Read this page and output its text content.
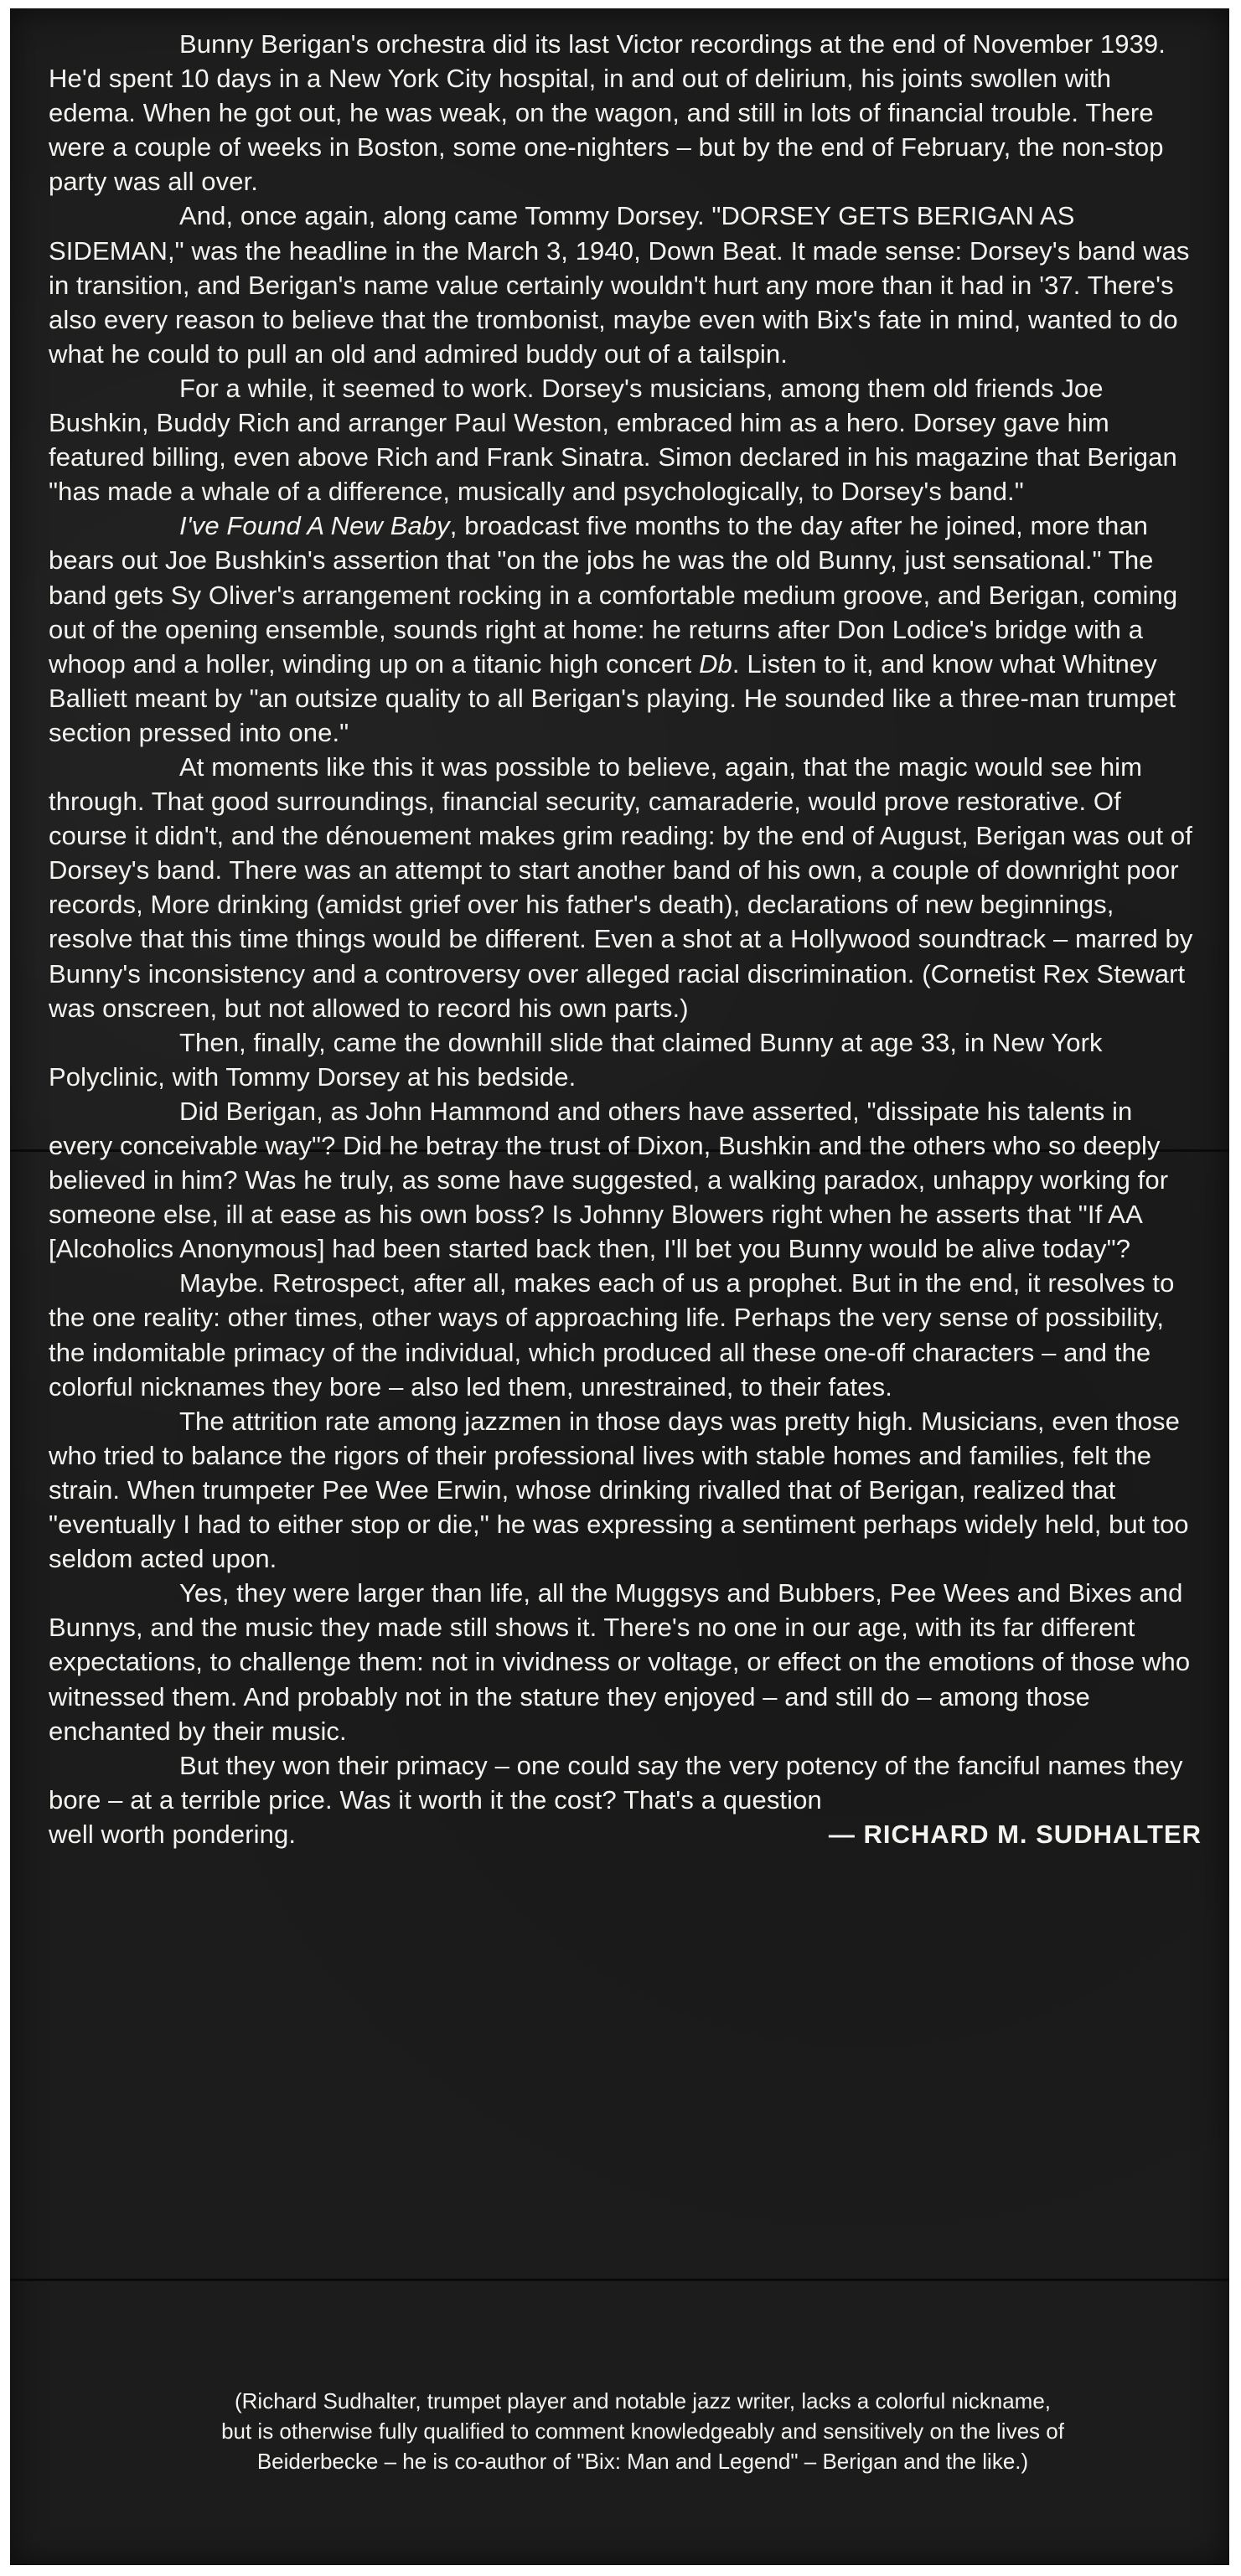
Bunny Berigan's orchestra did its last Victor recordings at the end of November 1939. He'd spent 10 days in a New York City hospital, in and out of delirium, his joints swollen with edema. When he got out, he was weak, on the wagon, and still in lots of financial trouble. There were a couple of weeks in Boston, some one-nighters – but by the end of February, the non-stop party was all over.

And, once again, along came Tommy Dorsey. "DORSEY GETS BERIGAN AS SIDEMAN," was the headline in the March 3, 1940, Down Beat. It made sense: Dorsey's band was in transition, and Berigan's name value certainly wouldn't hurt any more than it had in '37. There's also every reason to believe that the trombonist, maybe even with Bix's fate in mind, wanted to do what he could to pull an old and admired buddy out of a tailspin.

For a while, it seemed to work. Dorsey's musicians, among them old friends Joe Bushkin, Buddy Rich and arranger Paul Weston, embraced him as a hero. Dorsey gave him featured billing, even above Rich and Frank Sinatra. Simon declared in his magazine that Berigan "has made a whale of a difference, musically and psychologically, to Dorsey's band."

I've Found A New Baby, broadcast five months to the day after he joined, more than bears out Joe Bushkin's assertion that "on the jobs he was the old Bunny, just sensational." The band gets Sy Oliver's arrangement rocking in a comfortable medium groove, and Berigan, coming out of the opening ensemble, sounds right at home: he returns after Don Lodice's bridge with a whoop and a holler, winding up on a titanic high concert Db. Listen to it, and know what Whitney Balliett meant by "an outsize quality to all Berigan's playing. He sounded like a three-man trumpet section pressed into one."

At moments like this it was possible to believe, again, that the magic would see him through. That good surroundings, financial security, camaraderie, would prove restorative. Of course it didn't, and the dénouement makes grim reading: by the end of August, Berigan was out of Dorsey's band. There was an attempt to start another band of his own, a couple of downright poor records, More drinking (amidst grief over his father's death), declarations of new beginnings, resolve that this time things would be different. Even a shot at a Hollywood soundtrack – marred by Bunny's inconsistency and a controversy over alleged racial discrimination. (Cornetist Rex Stewart was onscreen, but not allowed to record his own parts.)

Then, finally, came the downhill slide that claimed Bunny at age 33, in New York Polyclinic, with Tommy Dorsey at his bedside.

Did Berigan, as John Hammond and others have asserted, "dissipate his talents in every conceivable way"? Did he betray the trust of Dixon, Bushkin and the others who so deeply believed in him? Was he truly, as some have suggested, a walking paradox, unhappy working for someone else, ill at ease as his own boss? Is Johnny Blowers right when he asserts that "If AA [Alcoholics Anonymous] had been started back then, I'll bet you Bunny would be alive today"?

Maybe. Retrospect, after all, makes each of us a prophet. But in the end, it resolves to the one reality: other times, other ways of approaching life. Perhaps the very sense of possibility, the indomitable primacy of the individual, which produced all these one-off characters – and the colorful nicknames they bore – also led them, unrestrained, to their fates.

The attrition rate among jazzmen in those days was pretty high. Musicians, even those who tried to balance the rigors of their professional lives with stable homes and families, felt the strain. When trumpeter Pee Wee Erwin, whose drinking rivalled that of Berigan, realized that "eventually I had to either stop or die," he was expressing a sentiment perhaps widely held, but too seldom acted upon.

Yes, they were larger than life, all the Muggsys and Bubbers, Pee Wees and Bixes and Bunnys, and the music they made still shows it. There's no one in our age, with its far different expectations, to challenge them: not in vividness or voltage, or effect on the emotions of those who witnessed them. And probably not in the stature they enjoyed – and still do – among those enchanted by their music.

But they won their primacy – one could say the very potency of the fanciful names they bore – at a terrible price. Was it worth it the cost? That's a question

well worth pondering.	— RICHARD M. SUDHALTER
(Richard Sudhalter, trumpet player and notable jazz writer, lacks a colorful nickname,
but is otherwise fully qualified to comment knowledgeably and sensitively on the lives of
Beiderbecke – he is co-author of "Bix: Man and Legend" – Berigan and the like.)
